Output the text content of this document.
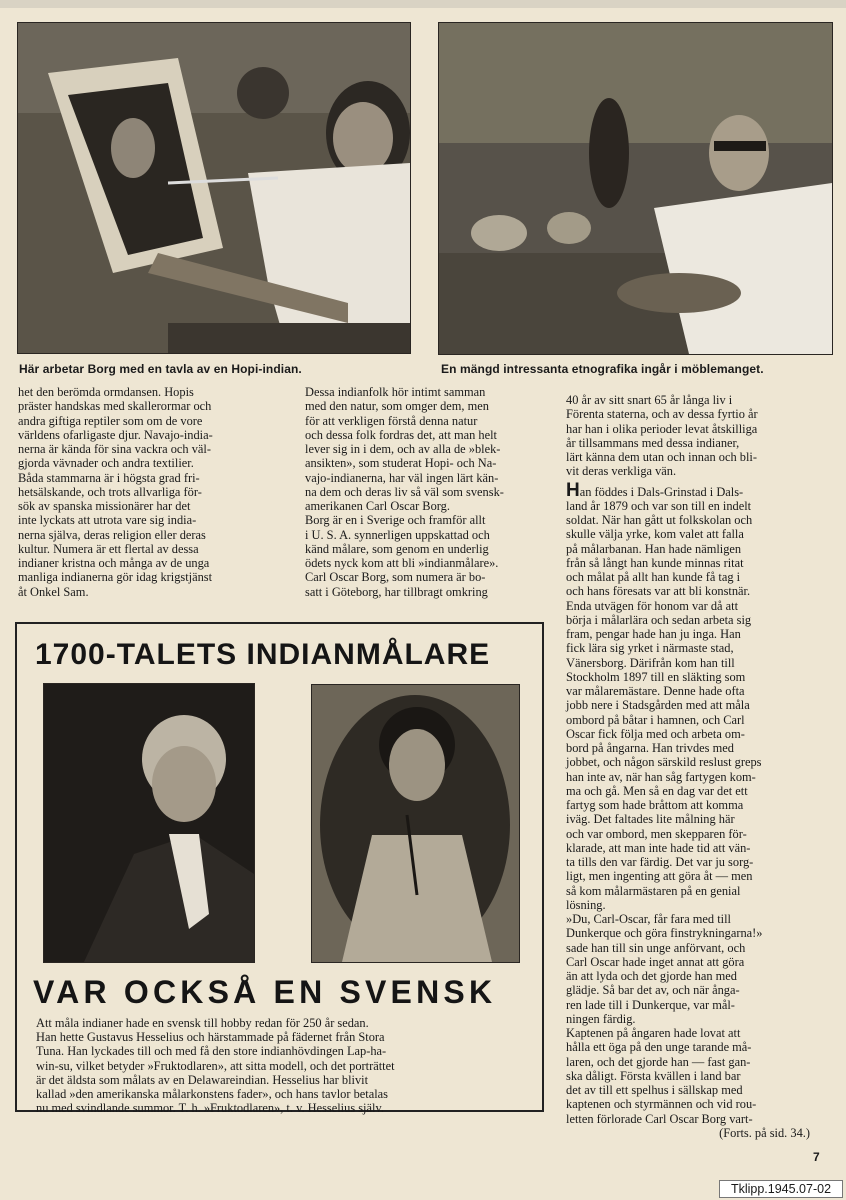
Här arbetar Borg med en tavla av en Hopi-indian.	En mängd intressanta etnografika ingår i möblemanget.

het den berömda ormdansen. Hopis
präster handskas med skallerormar och
andra giftiga reptiler som om de vore
världens ofarligaste djur. Navajo-india-
nerna är kända för sina vackra och väl-
gjorda vävnader och andra textilier.
Båda stammarna är i högsta grad fri-
hetsälskande, och trots allvarliga för-
sök av spanska missionärer har det
inte lyckats att utrota vare sig india-
nerna själva, deras religion eller deras
kultur. Numera är ett flertal av dessa
indianer kristna och många av de unga
manliga indianerna gör idag krigstjänst
åt Onkel Sam.

Dessa indianfolk hör intimt samman
med den natur, som omger dem, men
för att verkligen förstå denna natur
och dessa folk fordras det, att man helt
lever sig in i dem, och av alla de »blek-
ansikten», som studerat Hopi- och Na-
vajo-indianerna, har väl ingen lärt kän-
na dem och deras liv så väl som svensk-
amerikanen Carl Oscar Borg.

Borg är en i Sverige och framför allt
i U. S. A. synnerligen uppskattad och
känd målare, som genom en underlig
ödets nyck kom att bli »indianmålare».
Carl Oscar Borg, som numera är bo-
satt i Göteborg, har tillbragt omkring

40 år av sitt snart 65 år långa liv i
Förenta staterna, och av dessa fyrtio år
har han i olika perioder levat åtskilliga
år tillsammans med dessa indianer,
lärt känna dem utan och innan och bli-
vit deras verkliga vän.

Han föddes i Dals-Grinstad i Dals-
land år 1879 och var son till en indelt
soldat. När han gått ut folkskolan och
skulle välja yrke, kom valet att falla
på målarbanan. Han hade nämligen
från så långt han kunde minnas ritat
och målat på allt han kunde få tag i
och hans föresats var att bli konstnär.
Enda utvägen för honom var då att
börja i målarlära och sedan arbeta sig
fram, pengar hade han ju inga. Han
fick lära sig yrket i närmaste stad,
Vänersborg. Därifrån kom han till
Stockholm 1897 till en släkting som
var målaremästare. Denne hade ofta
jobb nere i Stadsgården med att måla
ombord på båtar i hamnen, och Carl
Oscar fick följa med och arbeta om-
bord på ångarna. Han trivdes med
jobbet, och någon särskild reslust greps
han inte av, när han såg fartygen kom-
ma och gå. Men så en dag var det ett
fartyg som hade bråttom att komma
iväg. Det faltades lite målning här
och var ombord, men skepparen för-
klarade, att man inte hade tid att vän-
ta tills den var färdig. Det var ju sorg-
ligt, men ingenting att göra åt — men
så kom målarmästaren på en genial
lösning.

»Du, Carl-Oscar, får fara med till
Dunkerque och göra finstrykningarna!»
sade han till sin unge anförvant, och
Carl Oscar hade inget annat att göra
än att lyda och det gjorde han med
glädje. Så bar det av, och när ånga-
ren lade till i Dunkerque, var mål-
ningen färdig.

Kaptenen på ångaren hade lovat att
hålla ett öga på den unge tarande må-
laren, och det gjorde han — fast gan-
ska dåligt. Första kvällen i land bar
det av till ett spelhus i sällskap med
kaptenen och styrmännen och vid rou-
letten förlorade Carl Oscar Borg vart-

(Forts. på sid. 34.)

1700-TALETS INDIANMÅLARE
VAR OCKSÅ EN SVENSK
Att måla indianer hade en svensk till hobby redan för 250 år sedan.
Han hette Gustavus Hesselius och härstammade på fädernet från Stora
Tuna. Han lyckades till och med få den store indianhövdingen Lap-ha-
win-su, vilket betyder »Fruktodlaren», att sitta modell, och det porträttet
är det äldsta som målats av en Delawareindian. Hesselius har blivit
kallad »den amerikanska målarkonstens fader», och hans tavlor betalas
nu med svindlande summor. T. h. »Fruktodlaren», t. v. Hesselius själv.
7
Tklipp.1945.07-02
